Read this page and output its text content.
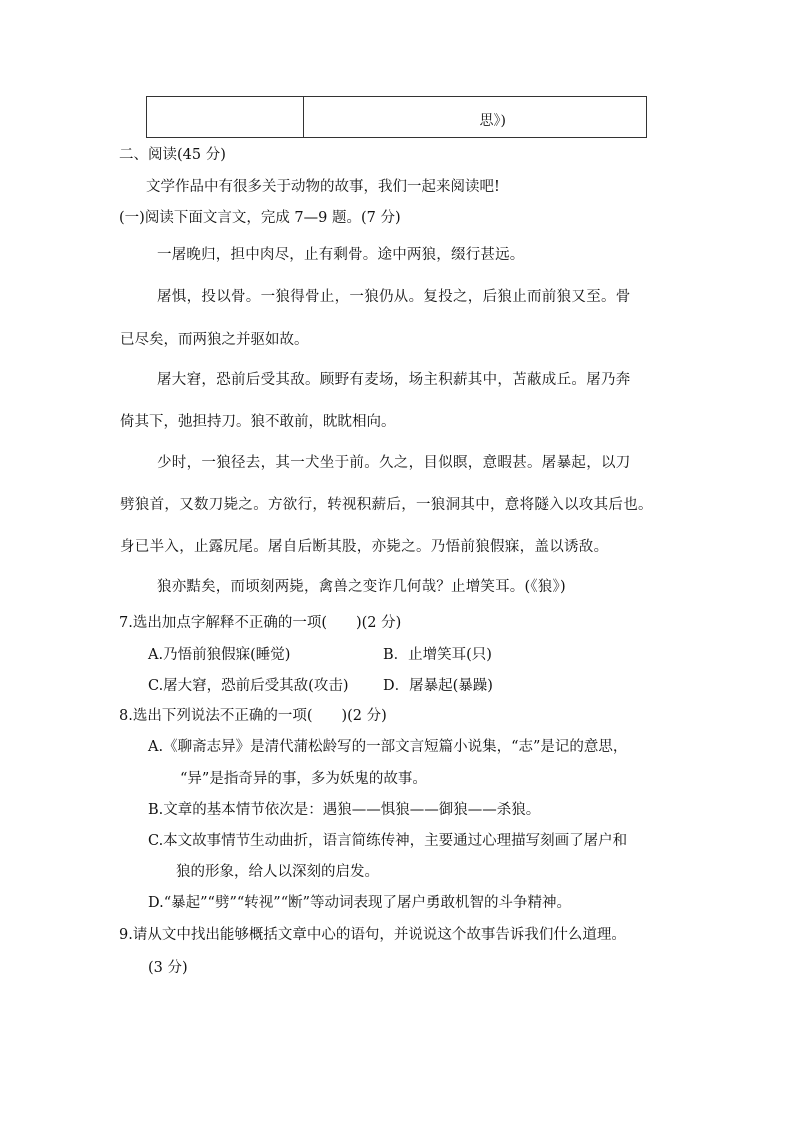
	思》)
二、阅读(45 分)
文学作品中有很多关于动物的故事，我们一起来阅读吧!
(一)阅读下面文言文，完成 7—9 题。(7 分)
一屠晚归，担中肉尽，止有剩骨。途中两狼，缀行甚远。
屠惧，投以骨。一狼得骨止，一狼仍从。复投之，后狼止而前狼又至。骨
已尽矣，而两狼之并驱如故。
屠大窘，恐前后受其敌。顾野有麦场，场主积薪其中，苫蔽成丘。屠乃奔
倚其下，弛担持刀。狼不敢前，眈眈相向。
少时，一狼径去，其一犬坐于前。久之，目似瞑，意暇甚。屠暴起，以刀
劈狼首，又数刀毙之。方欲行，转视积薪后，一狼洞其中，意将隧入以攻其后也。
身已半入，止露尻尾。屠自后断其股，亦毙之。乃悟前狼假寐，盖以诱敌。
狼亦黠矣，而顷刻两毙，禽兽之变诈几何哉？止增笑耳。(《狼》)
7.选出加点字解释不正确的一项(　　)(2 分)
A.乃悟前狼假寐(睡觉)	B．止增笑耳(只)
C.屠大窘，恐前后受其敌(攻击) D．屠暴起(暴躁)
8.选出下列说法不正确的一项(　　)(2 分)
A.《聊斋志异》是清代蒲松龄写的一部文言短篇小说集，“志”是记的意思，
“异”是指奇异的事，多为妖鬼的故事。
B.文章的基本情节依次是：遇狼——惧狼——御狼——杀狼。
C.本文故事情节生动曲折，语言简练传神，主要通过心理描写刻画了屠户和
狼的形象，给人以深刻的启发。
D.“暴起”“劈”“转视”“断”等动词表现了屠户勇敢机智的斗争精神。
9.请从文中找出能够概括文章中心的语句，并说说这个故事告诉我们什么道理。
(3 分)
